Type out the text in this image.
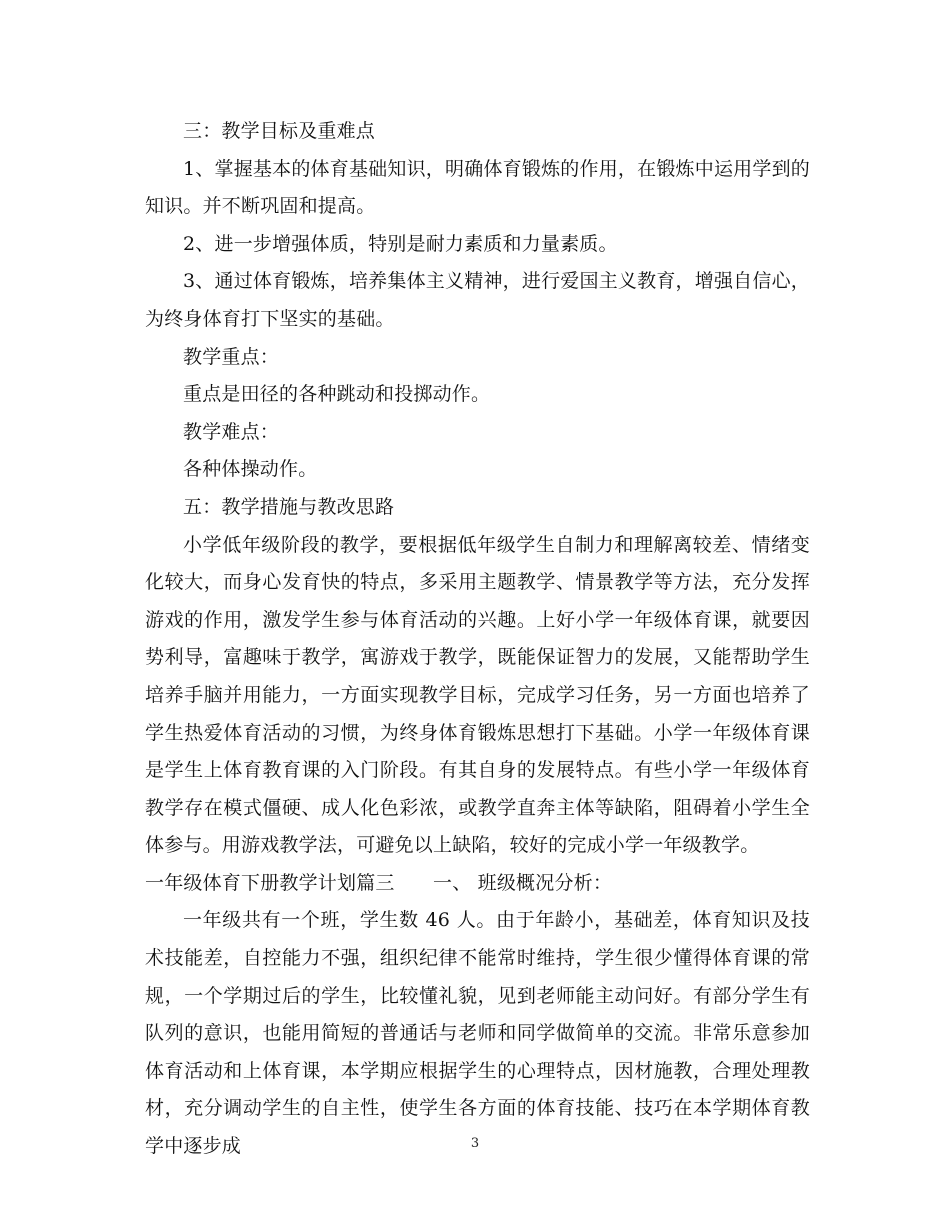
三：教学目标及重难点

1、掌握基本的体育基础知识，明确体育锻炼的作用，在锻炼中运用学到的知识。并不断巩固和提高。

2、进一步增强体质，特别是耐力素质和力量素质。

3、通过体育锻炼，培养集体主义精神，进行爱国主义教育，增强自信心，为终身体育打下坚实的基础。

教学重点：

重点是田径的各种跳动和投掷动作。

教学难点：

各种体操动作。

五：教学措施与教改思路

小学低年级阶段的教学，要根据低年级学生自制力和理解离较差、情绪变化较大，而身心发育快的特点，多采用主题教学、情景教学等方法，充分发挥游戏的作用，激发学生参与体育活动的兴趣。上好小学一年级体育课，就要因势利导，富趣味于教学，寓游戏于教学，既能保证智力的发展，又能帮助学生培养手脑并用能力，一方面实现教学目标，完成学习任务，另一方面也培养了学生热爱体育活动的习惯，为终身体育锻炼思想打下基础。小学一年级体育课是学生上体育教育课的入门阶段。有其自身的发展特点。有些小学一年级体育教学存在模式僵硬、成人化色彩浓，或教学直奔主体等缺陷，阻碍着小学生全体参与。用游戏教学法，可避免以上缺陷，较好的完成小学一年级教学。

一年级体育下册教学计划篇三　　一、 班级概况分析：

一年级共有一个班，学生数 46 人。由于年龄小，基础差，体育知识及技术技能差，自控能力不强，组织纪律不能常时维持，学生很少懂得体育课的常规，一个学期过后的学生，比较懂礼貌，见到老师能主动问好。有部分学生有队列的意识，也能用简短的普通话与老师和同学做简单的交流。非常乐意参加体育活动和上体育课，本学期应根据学生的心理特点，因材施教，合理处理教材，充分调动学生的自主性，使学生各方面的体育技能、技巧在本学期体育教学中逐步成	3
